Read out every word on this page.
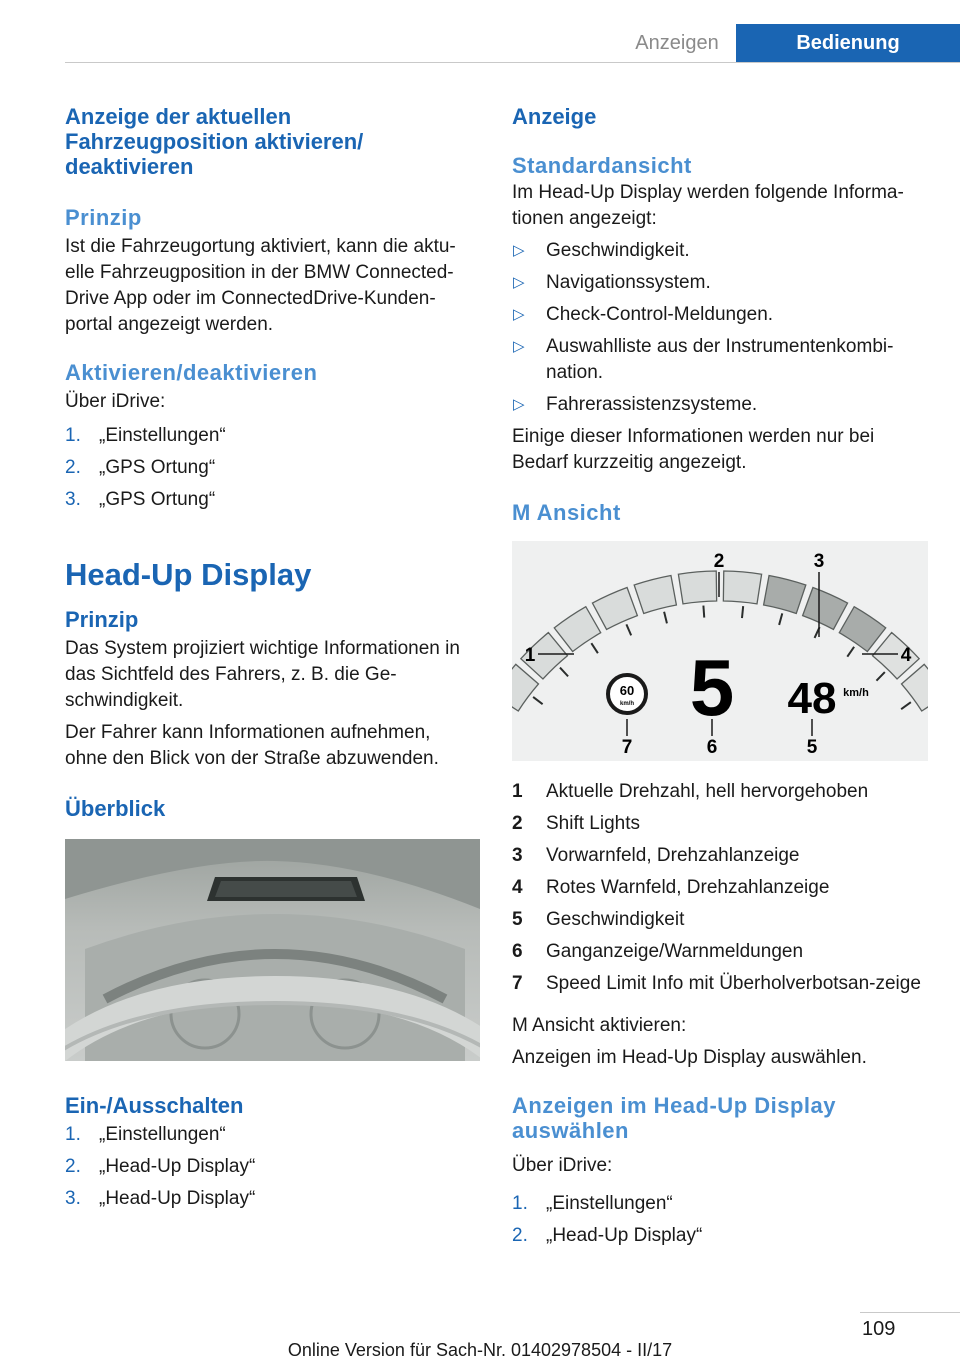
Anzeigen	Bedienung
Anzeige der aktuellen Fahrzeugposition aktivieren/ deaktivieren
Prinzip

Ist die Fahrzeugortung aktiviert, kann die aktu-elle Fahrzeugposition in der BMW Connected-Drive App oder im ConnectedDrive-Kunden-portal angezeigt werden.

Aktivieren/deaktivieren

Über iDrive:

1. „Einstellungen“
2. „GPS Ortung“
3. „GPS Ortung“
Head-Up Display
Prinzip

Das System projiziert wichtige Informationen in das Sichtfeld des Fahrers, z. B. die Ge-schwindigkeit.

Der Fahrer kann Informationen aufnehmen, ohne den Blick von der Straße abzuwenden.

Überblick
Ein-/Ausschalten
1. „Einstellungen“
2. „Head-Up Display“
3. „Head-Up Display“
Anzeige
Standardansicht

Im Head-Up Display werden folgende Informa-tionen angezeigt:

▷ Geschwindigkeit.
▷ Navigationssystem.
▷ Check-Control-Meldungen.
▷ Auswahlliste aus der Instrumentenkombi-nation.
▷ Fahrerassistenzsysteme.

Einige dieser Informationen werden nur bei Bedarf kurzzeitig angezeigt.

M Ansicht
1
2	3
4
5
6
7
60
km/h 5 48 km/h
1 Aktuelle Drehzahl, hell hervorgehoben
2 Shift Lights
3 Vorwarnfeld, Drehzahlanzeige
4 Rotes Warnfeld, Drehzahlanzeige
5 Geschwindigkeit
6 Ganganzeige/Warnmeldungen
7 Speed Limit Info mit Überholverbotsan-zeige

M Ansicht aktivieren:

Anzeigen im Head-Up Display auswählen.

Anzeigen im Head-Up Display auswählen

Über iDrive:

1. „Einstellungen“
2. „Head-Up Display“
109
Online Version für Sach-Nr. 01402978504 - II/17
